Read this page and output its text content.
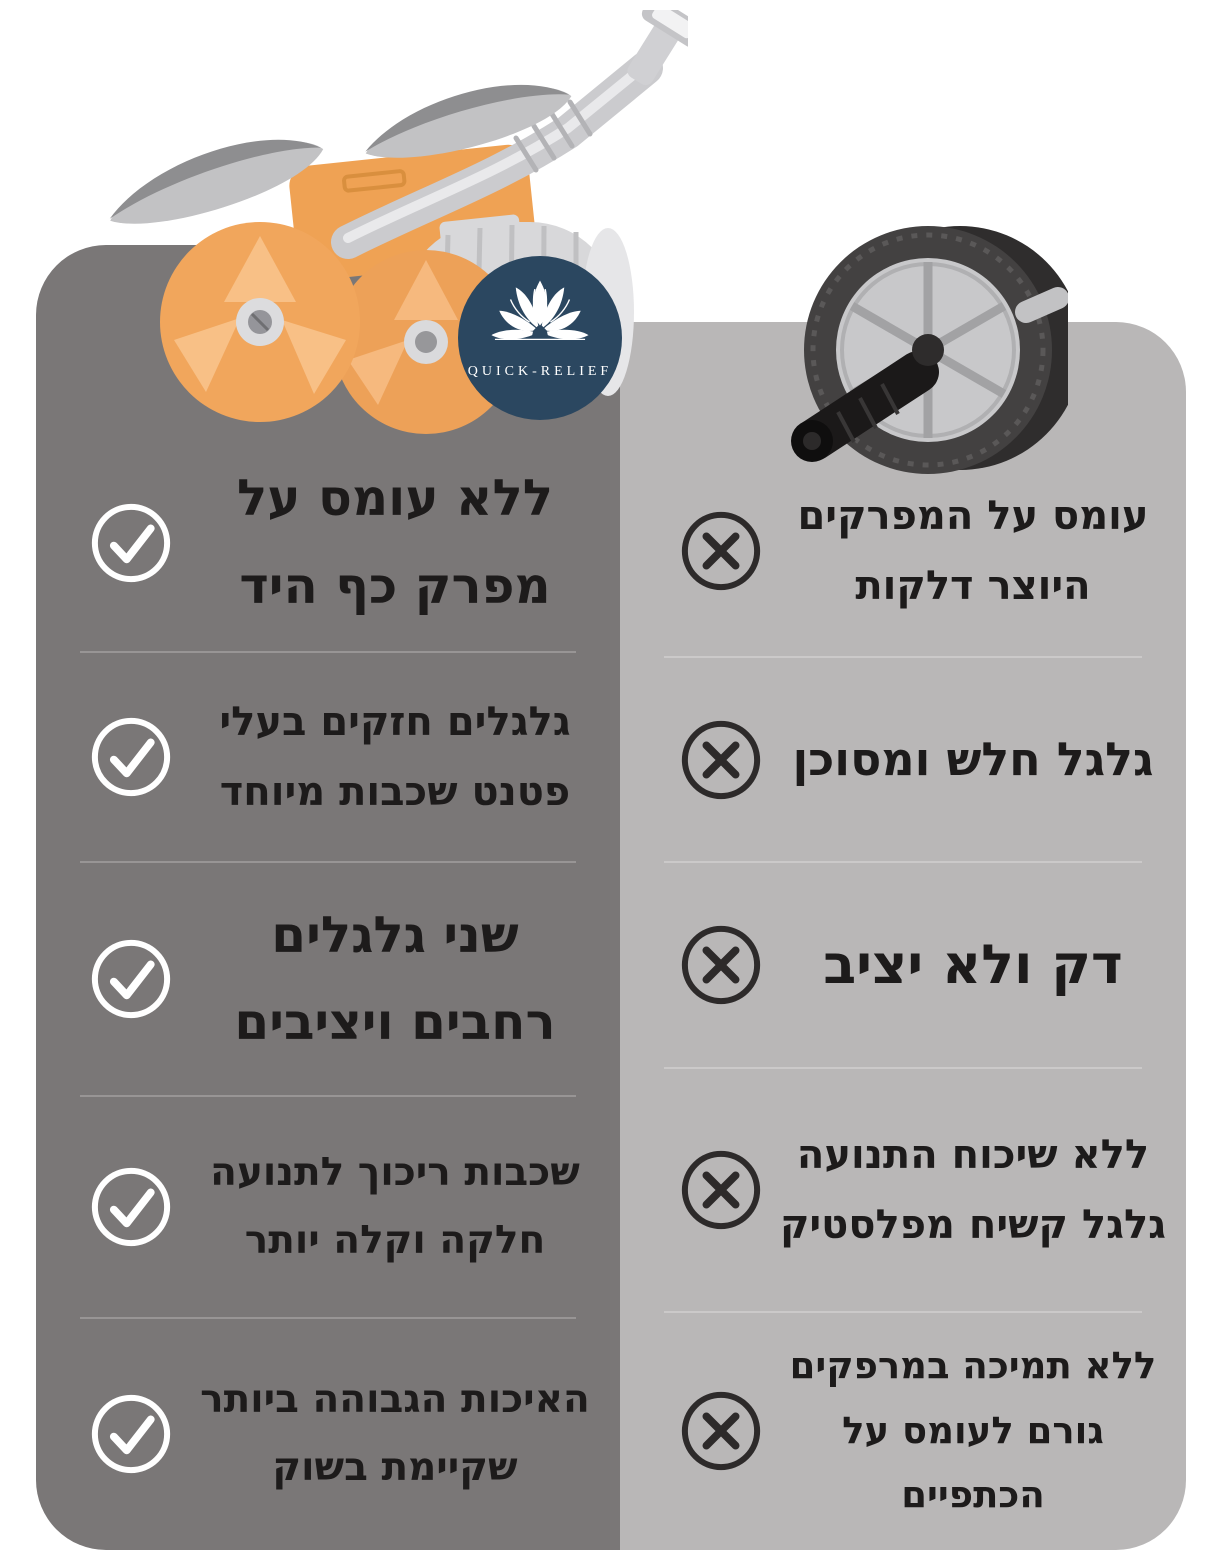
ללא עומס על
מפרק כף היד
גלגלים חזקים בעלי
פטנט שכבות מיוחד
שני גלגלים
רחבים ויציבים
שכבות ריכוך לתנועה
חלקה וקלה יותר
האיכות הגבוהה ביותר
שקיימת בשוק
עומס על המפרקים
היוצר דלקות
גלגל חלש ומסוכן
דק ולא יציב
ללא שיכוח התנועה
גלגל קשיח מפלסטיק
ללא תמיכה במרפקים
גורם לעומס על הכתפיים
QUICK-RELIEF
